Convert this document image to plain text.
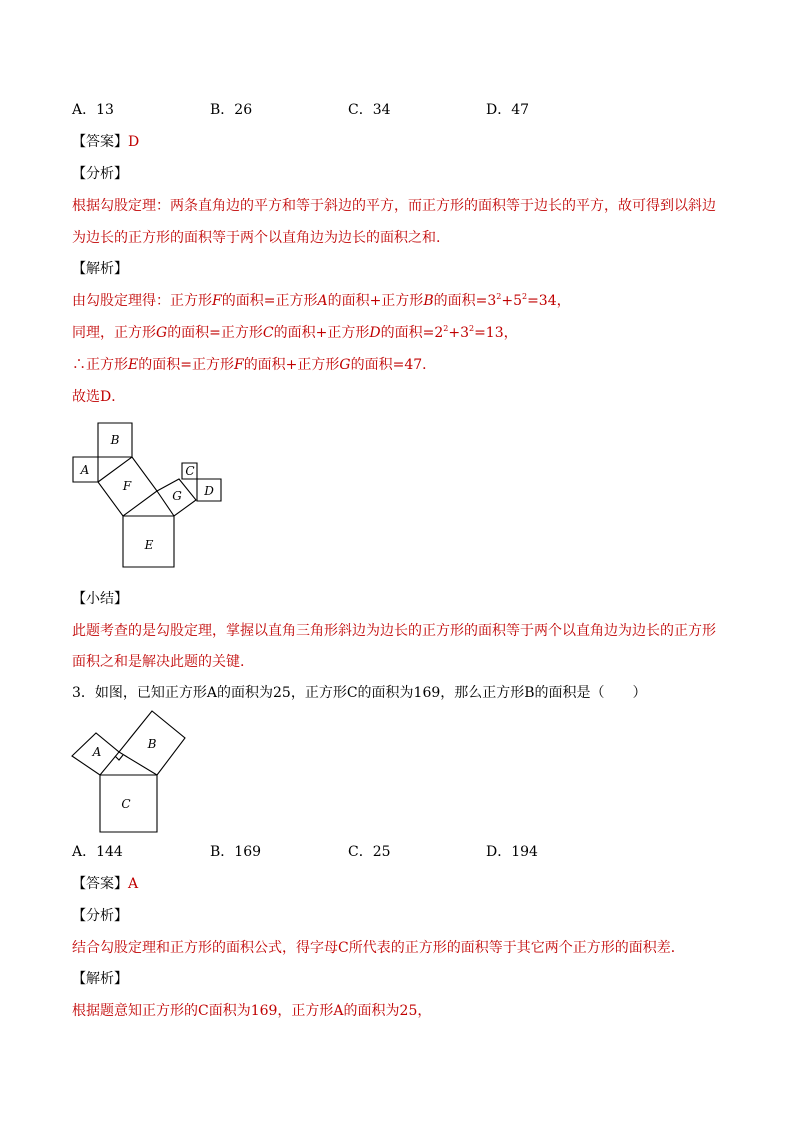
A．13	B．26	C．34	D．47
【答案】D
【分析】
根据勾股定理：两条直角边的平方和等于斜边的平方，而正方形的面积等于边长的平方，故可得到以斜边
为边长的正方形的面积等于两个以直角边为边长的面积之和.
【解析】
由勾股定理得：正方形F的面积=正方形A的面积+正方形B的面积$=3^2+5^2=34$，
同理，正方形G的面积=正方形C的面积+正方形D的面积$=2^2+3^2=13$，
∴正方形E的面积=正方形F的面积+正方形G的面积=47．
故选D．
B
A
F
G
C
D
E
【小结】
此题考查的是勾股定理，掌握以直角三角形斜边为边长的正方形的面积等于两个以直角边为边长的正方形
面积之和是解决此题的关键.
3．如图，已知正方形A的面积为25，正方形C的面积为169，那么正方形B的面积是（　　）
A
B
C
A．144	B．169	C．25	D．194
【答案】A
【分析】
结合勾股定理和正方形的面积公式，得字母C所代表的正方形的面积等于其它两个正方形的面积差．
【解析】
根据题意知正方形的C面积为169，正方形A的面积为25，
